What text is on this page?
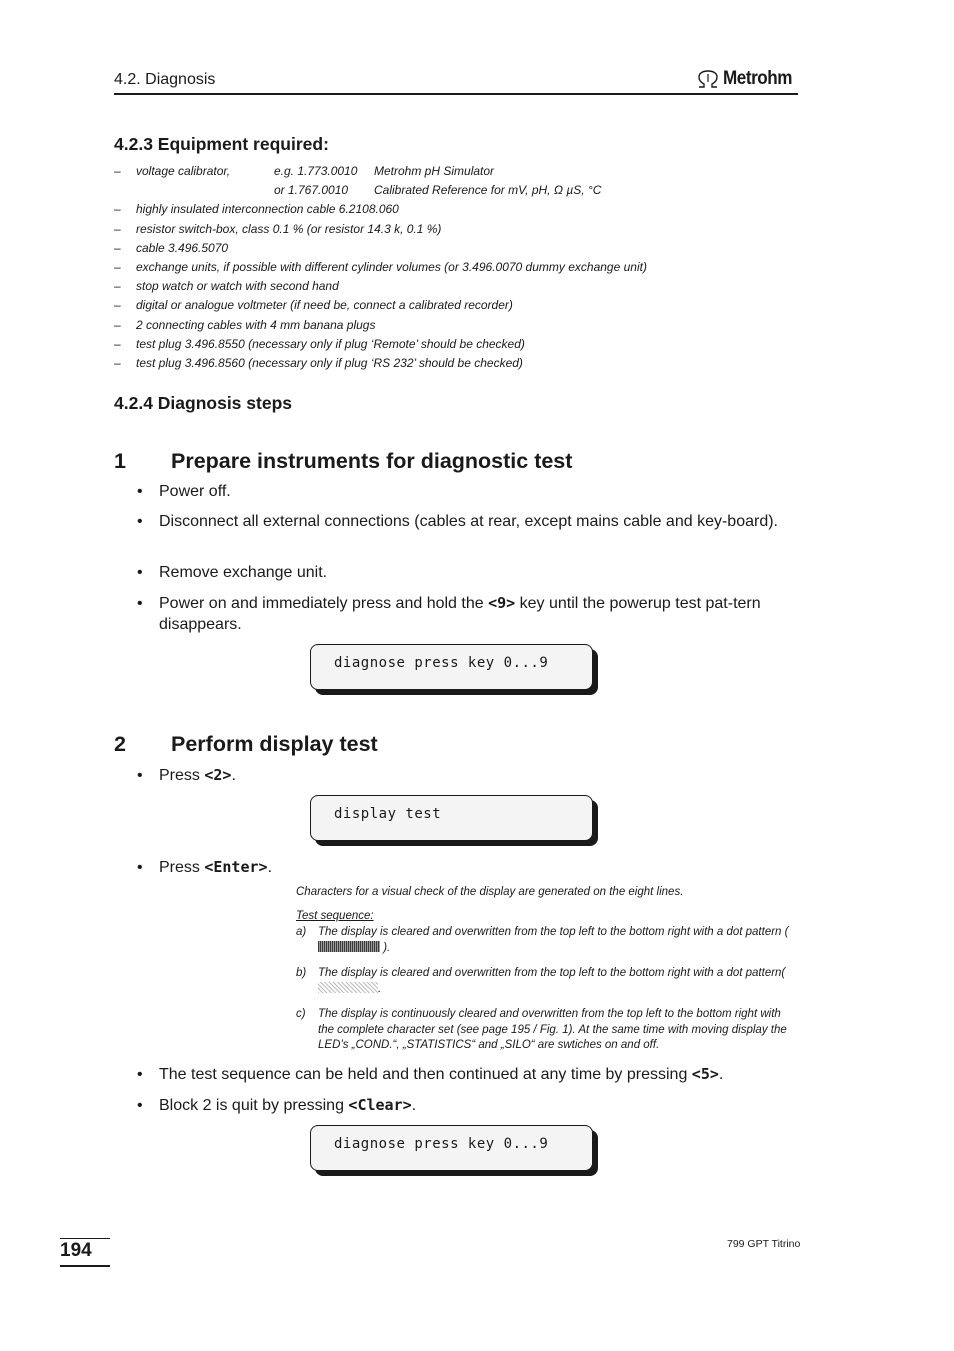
4.2. Diagnosis	Metrohm
4.2.3 Equipment required:
– voltage calibrator,	e.g. 1.773.0010 Metrohm pH Simulator
or 1.767.0010 Calibrated Reference for mV, pH, Ω µS, °C
– highly insulated interconnection cable 6.2108.060
– resistor switch-box, class 0.1 % (or resistor 14.3 k, 0.1 %)
– cable 3.496.5070
– exchange units, if possible with different cylinder volumes (or 3.496.0070 dummy exchange unit)
– stop watch or watch with second hand
– digital or analogue voltmeter (if need be, connect a calibrated recorder)
– 2 connecting cables with 4 mm banana plugs
– test plug 3.496.8550 (necessary only if plug ‘Remote’ should be checked)
– test plug 3.496.8560 (necessary only if plug ‘RS 232’ should be checked)
4.2.4 Diagnosis steps
1 Prepare instruments for diagnostic test
• Power off.
• Disconnect all external connections (cables at rear, except mains cable and key-board).
• Remove exchange unit.
• Power on and immediately press and hold the <9> key until the powerup test pat-tern disappears.
diagnose press key 0...9
2 Perform display test
• Press <2>.
display test
• Press <Enter>.
Characters for a visual check of the display are generated on the eight lines.
Test sequence:
a) The display is cleared and overwritten from the top left to the bottom right with a dot pattern ( ).
b) The display is cleared and overwritten from the top left to the bottom right with a dot pattern(.
c) The display is continuously cleared and overwritten from the top left to the bottom right with the complete character set (see page 195 / Fig. 1). At the same time with moving display the LED’s „COND.“, „STATISTICS“ and „SILO“ are swtiches on and off.
• The test sequence can be held and then continued at any time by pressing <5>.
• Block 2 is quit by pressing <Clear>.
diagnose press key 0...9
194	799 GPT Titrino
